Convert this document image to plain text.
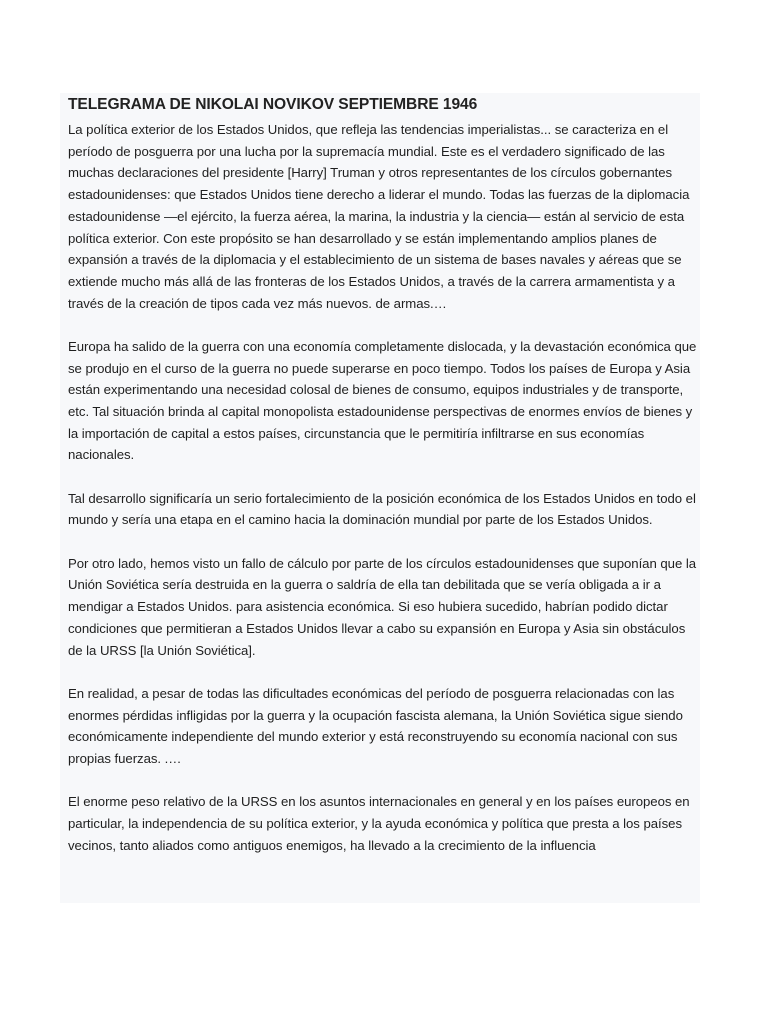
TELEGRAMA DE NIKOLAI NOVIKOV SEPTIEMBRE 1946

La política exterior de los Estados Unidos, que refleja las tendencias imperialistas... se caracteriza en el período de posguerra por una lucha por la supremacía mundial. Este es el verdadero significado de las muchas declaraciones del presidente [Harry] Truman y otros representantes de los círculos gobernantes estadounidenses: que Estados Unidos tiene derecho a liderar el mundo. Todas las fuerzas de la diplomacia estadounidense —el ejército, la fuerza aérea, la marina, la industria y la ciencia— están al servicio de esta política exterior. Con este propósito se han desarrollado y se están implementando amplios planes de expansión a través de la diplomacia y el establecimiento de un sistema de bases navales y aéreas que se extiende mucho más allá de las fronteras de los Estados Unidos, a través de la carrera armamentista y a través de la creación de tipos cada vez más nuevos. de armas.…

Europa ha salido de la guerra con una economía completamente dislocada, y la devastación económica que se produjo en el curso de la guerra no puede superarse en poco tiempo. Todos los países de Europa y Asia están experimentando una necesidad colosal de bienes de consumo, equipos industriales y de transporte, etc. Tal situación brinda al capital monopolista estadounidense perspectivas de enormes envíos de bienes y la importación de capital a estos países, circunstancia que le permitiría infiltrarse en sus economías nacionales.

Tal desarrollo significaría un serio fortalecimiento de la posición económica de los Estados Unidos en todo el mundo y sería una etapa en el camino hacia la dominación mundial por parte de los Estados Unidos.

Por otro lado, hemos visto un fallo de cálculo por parte de los círculos estadounidenses que suponían que la Unión Soviética sería destruida en la guerra o saldría de ella tan debilitada que se vería obligada a ir a mendigar a Estados Unidos. para asistencia económica. Si eso hubiera sucedido, habrían podido dictar condiciones que permitieran a Estados Unidos llevar a cabo su expansión en Europa y Asia sin obstáculos de la URSS [la Unión Soviética].

En realidad, a pesar de todas las dificultades económicas del período de posguerra relacionadas con las enormes pérdidas infligidas por la guerra y la ocupación fascista alemana, la Unión Soviética sigue siendo económicamente independiente del mundo exterior y está reconstruyendo su economía nacional con sus propias fuerzas. .…

El enorme peso relativo de la URSS en los asuntos internacionales en general y en los países europeos en particular, la independencia de su política exterior, y la ayuda económica y política que presta a los países vecinos, tanto aliados como antiguos enemigos, ha llevado a la crecimiento de la influencia
